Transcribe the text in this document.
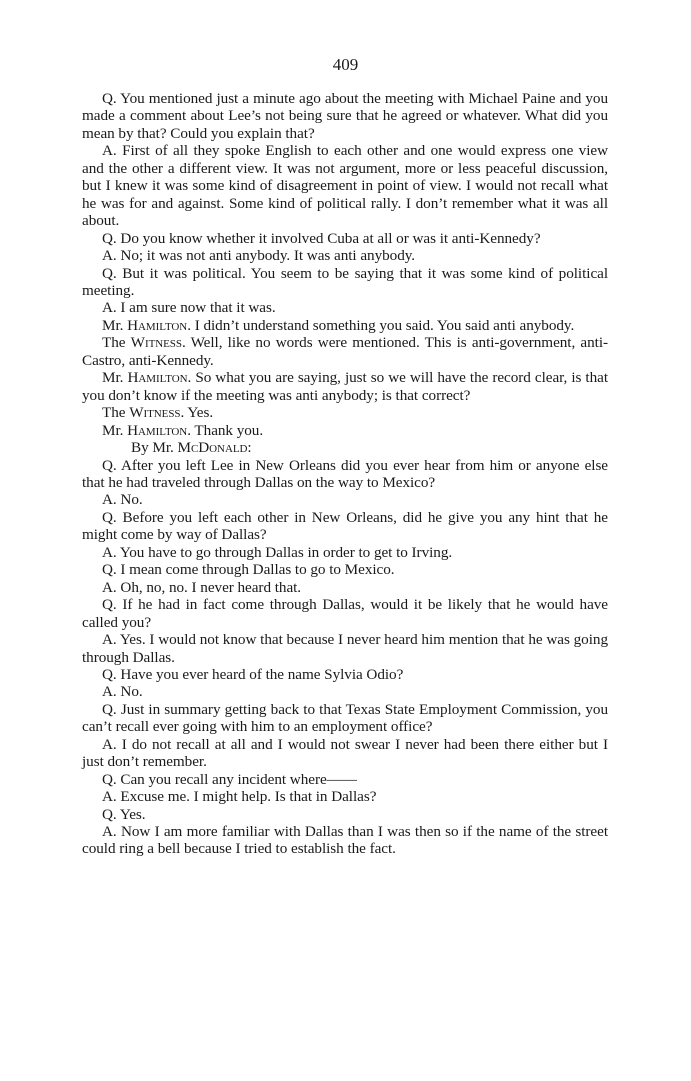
409

Q. You mentioned just a minute ago about the meeting with Michael Paine and you made a comment about Lee’s not being sure that he agreed or whatever. What did you mean by that? Could you explain that?

A. First of all they spoke English to each other and one would express one view and the other a different view. It was not argument, more or less peaceful discussion, but I knew it was some kind of disagreement in point of view. I would not recall what he was for and against. Some kind of political rally. I don’t remember what it was all about.

Q. Do you know whether it involved Cuba at all or was it anti-Kennedy?

A. No; it was not anti anybody. It was anti anybody.

Q. But it was political. You seem to be saying that it was some kind of political meeting.

A. I am sure now that it was.

Mr. Hamilton. I didn’t understand something you said. You said anti anybody.

The Witness. Well, like no words were mentioned. This is anti-government, anti-Castro, anti-Kennedy.

Mr. Hamilton. So what you are saying, just so we will have the record clear, is that you don’t know if the meeting was anti anybody; is that correct?

The Witness. Yes.

Mr. Hamilton. Thank you.

By Mr. McDonald:

Q. After you left Lee in New Orleans did you ever hear from him or anyone else that he had traveled through Dallas on the way to Mexico?

A. No.

Q. Before you left each other in New Orleans, did he give you any hint that he might come by way of Dallas?

A. You have to go through Dallas in order to get to Irving.

Q. I mean come through Dallas to go to Mexico.

A. Oh, no, no. I never heard that.

Q. If he had in fact come through Dallas, would it be likely that he would have called you?

A. Yes. I would not know that because I never heard him mention that he was going through Dallas.

Q. Have you ever heard of the name Sylvia Odio?

A. No.

Q. Just in summary getting back to that Texas State Employment Commission, you can’t recall ever going with him to an employment office?

A. I do not recall at all and I would not swear I never had been there either but I just don’t remember.

Q. Can you recall any incident where——

A. Excuse me. I might help. Is that in Dallas?

Q. Yes.

A. Now I am more familiar with Dallas than I was then so if the name of the street could ring a bell because I tried to establish the fact.
